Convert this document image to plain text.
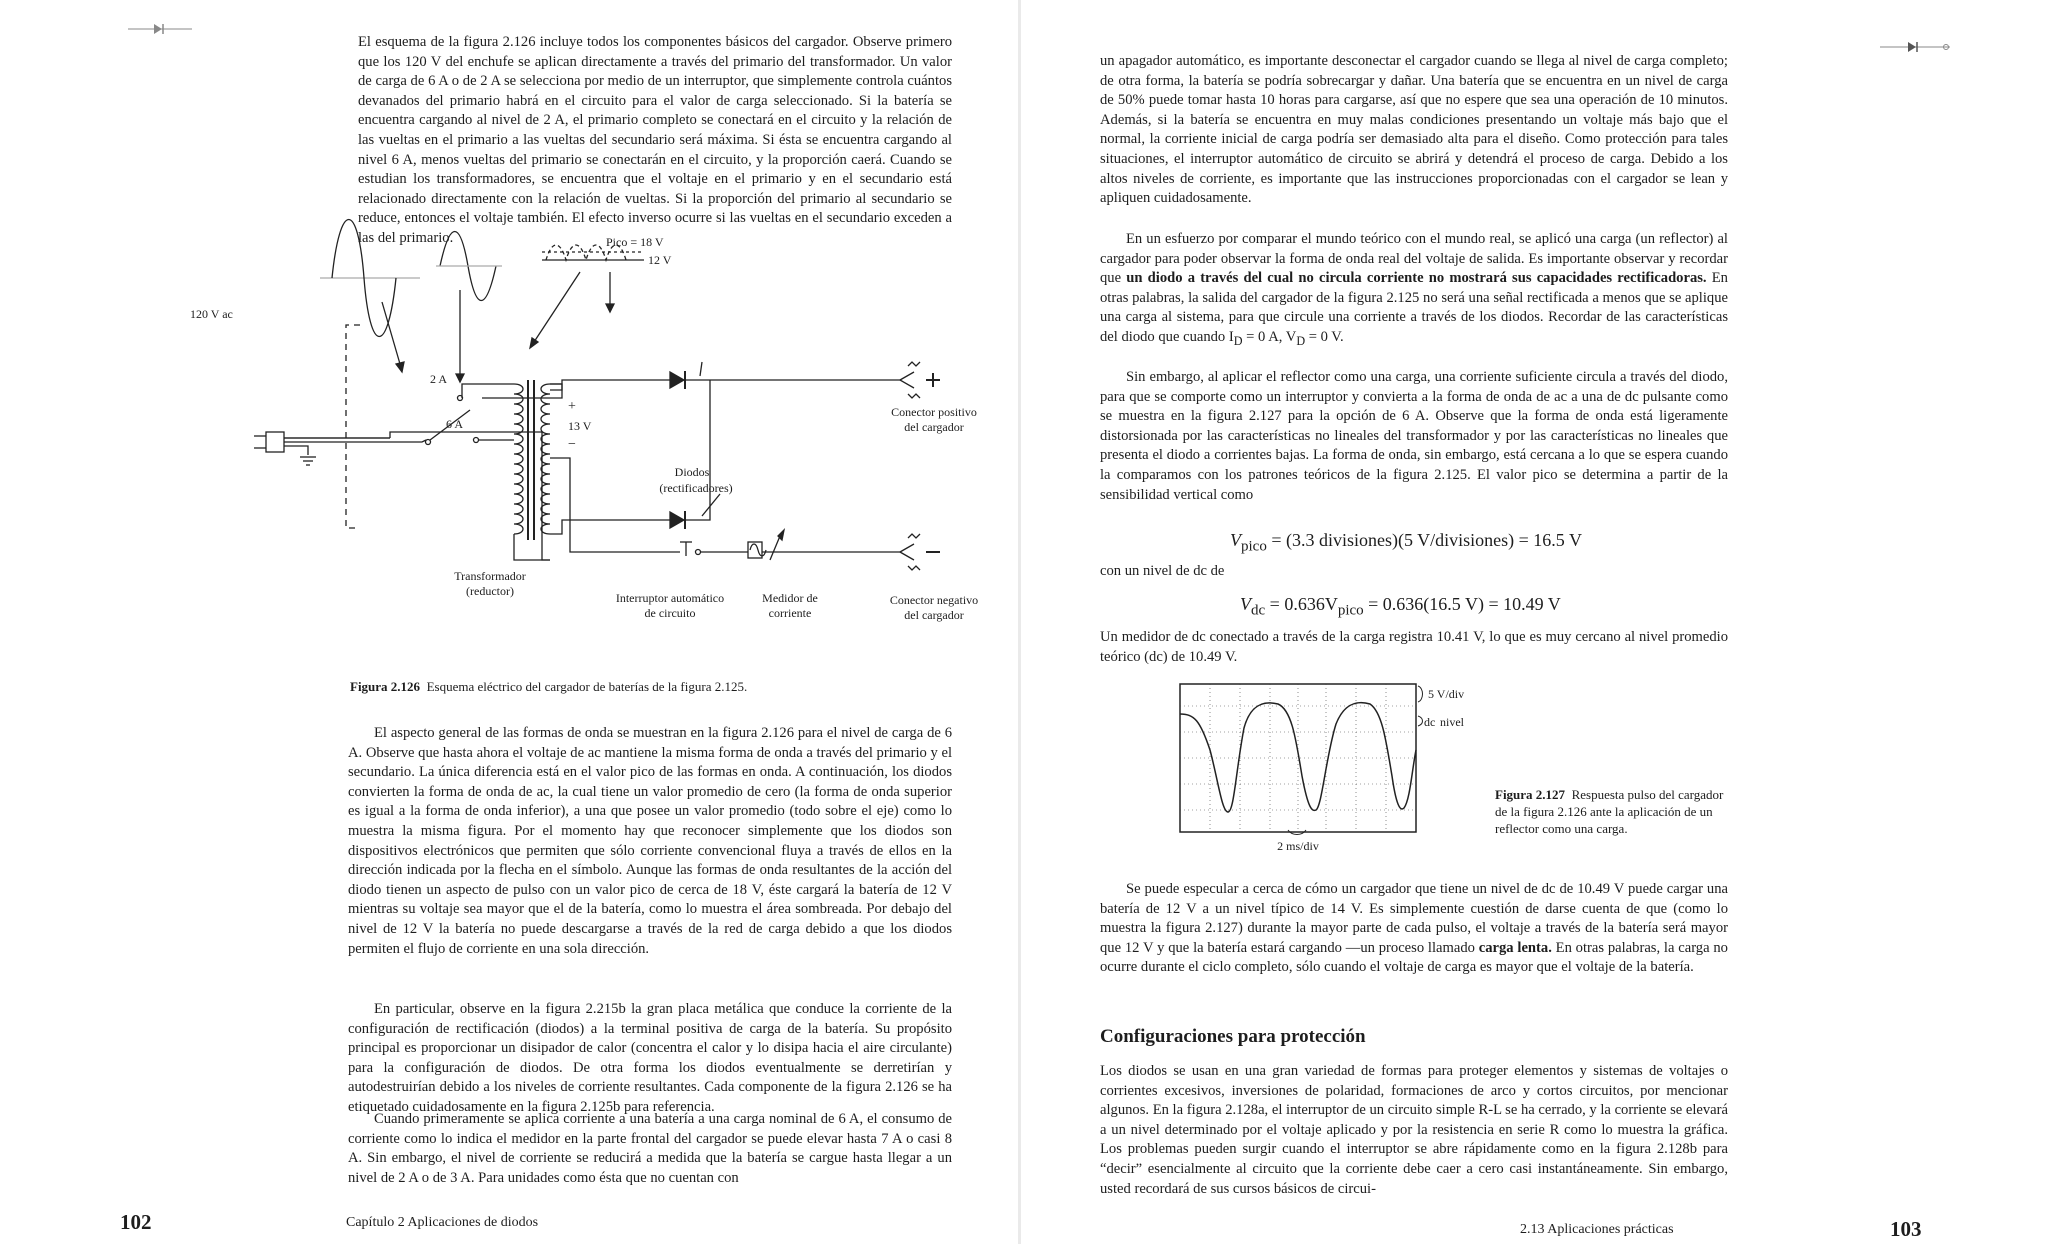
El esquema de la figura 2.126 incluye todos los componentes básicos del cargador. Observe primero que los 120 V del enchufe se aplican directamente a través del primario del transformador. Un valor de carga de 6 A o de 2 A se selecciona por medio de un interruptor, que simplemente controla cuántos devanados del primario habrá en el circuito para el valor de carga seleccionado. Si la batería se encuentra cargando al nivel de 2 A, el primario completo se conectará en el circuito y la relación de las vueltas en el primario a las vueltas del secundario será máxima. Si ésta se encuentra cargando al nivel 6 A, menos vueltas del primario se conectarán en el circuito, y la proporción caerá. Cuando se estudian los transformadores, se encuentra que el voltaje en el primario y en el secundario está relacionado directamente con la relación de vueltas. Si la proporción del primario al secundario se reduce, entonces el voltaje también. El efecto inverso ocurre si las vueltas en el secundario exceden a las del primario.

120 V ac
2 A
6 A
+
13 V
−
Pico = 18 V
12 V
Diodos
(rectificadores)
Transformador
(reductor)	Interruptor automático
de circuito
Medidor de
corriente
Conector positivo
del cargador
Conector negativo
del cargador
Figura 2.126 Esquema eléctrico del cargador de baterías de la figura 2.125.

El aspecto general de las formas de onda se muestran en la figura 2.126 para el nivel de carga de 6 A. Observe que hasta ahora el voltaje de ac mantiene la misma forma de onda a través del primario y el secundario. La única diferencia está en el valor pico de las formas en onda. A continuación, los diodos convierten la forma de onda de ac, la cual tiene un valor promedio de cero (la forma de onda superior es igual a la forma de onda inferior), a una que posee un valor promedio (todo sobre el eje) como lo muestra la misma figura. Por el momento hay que reconocer simplemente que los diodos son dispositivos electrónicos que permiten que sólo corriente convencional fluya a través de ellos en la dirección indicada por la flecha en el símbolo. Aunque las formas de onda resultantes de la acción del diodo tienen un aspecto de pulso con un valor pico de cerca de 18 V, éste cargará la batería de 12 V mientras su voltaje sea mayor que el de la batería, como lo muestra el área sombreada. Por debajo del nivel de 12 V la batería no puede descargarse a través de la red de carga debido a que los diodos permiten el flujo de corriente en una sola dirección.

En particular, observe en la figura 2.215b la gran placa metálica que conduce la corriente de la configuración de rectificación (diodos) a la terminal positiva de carga de la batería. Su propósito principal es proporcionar un disipador de calor (concentra el calor y lo disipa hacia el aire circulante) para la configuración de diodos. De otra forma los diodos eventualmente se derretirían y autodestruirían debido a los niveles de corriente resultantes. Cada componente de la figura 2.126 se ha etiquetado cuidadosamente en la figura 2.125b para referencia.

Cuando primeramente se aplica corriente a una batería a una carga nominal de 6 A, el consumo de corriente como lo indica el medidor en la parte frontal del cargador se puede elevar hasta 7 A o casi 8 A. Sin embargo, el nivel de corriente se reducirá a medida que la batería se cargue hasta llegar a un nivel de 2 A o de 3 A. Para unidades como ésta que no cuentan con

102	Capítulo 2 Aplicaciones de diodos

un apagador automático, es importante desconectar el cargador cuando se llega al nivel de carga completo; de otra forma, la batería se podría sobrecargar y dañar. Una batería que se encuentra en un nivel de carga de 50% puede tomar hasta 10 horas para cargarse, así que no espere que sea una operación de 10 minutos. Además, si la batería se encuentra en muy malas condiciones presentando un voltaje más bajo que el normal, la corriente inicial de carga podría ser demasiado alta para el diseño. Como protección para tales situaciones, el interruptor automático de circuito se abrirá y detendrá el proceso de carga. Debido a los altos niveles de corriente, es importante que las instrucciones proporcionadas con el cargador se lean y apliquen cuidadosamente.

En un esfuerzo por comparar el mundo teórico con el mundo real, se aplicó una carga (un reflector) al cargador para poder observar la forma de onda real del voltaje de salida. Es importante observar y recordar que un diodo a través del cual no circula corriente no mostrará sus capacidades rectificadoras. En otras palabras, la salida del cargador de la figura 2.125 no será una señal rectificada a menos que se aplique una carga al sistema, para que circule una corriente a través de los diodos. Recordar de las características del diodo que cuando $I_D = 0$ A, $V_D = 0$ V.

Sin embargo, al aplicar el reflector como una carga, una corriente suficiente circula a través del diodo, para que se comporte como un interruptor y convierta a la forma de onda de ac a una de dc pulsante como se muestra en la figura 2.127 para la opción de 6 A. Observe que la forma de onda está ligeramente distorsionada por las características no lineales del transformador y por las características no lineales que presenta el diodo a corrientes bajas. La forma de onda, sin embargo, está cercana a lo que se espera cuando la comparamos con los patrones teóricos de la figura 2.125. El valor pico se determina a partir de la sensibilidad vertical como

$V_{pico} = (3.3$ divisiones)(5 V/divisiones) = 16.5 V

con un nivel de dc de

$V_{dc} = 0.636V_{pico} = 0.636(16.5$ V) = 10.49 V

Un medidor de dc conectado a través de la carga registra 10.41 V, lo que es muy cercano al nivel promedio teórico (dc) de 10.49 V.

5 V/div
dc nivel
2 ms/div
Figura 2.127 Respuesta pulso del cargador de la figura 2.126 ante la aplicación de un reflector como una carga.

Se puede especular a cerca de cómo un cargador que tiene un nivel de dc de 10.49 V puede cargar una batería de 12 V a un nivel típico de 14 V. Es simplemente cuestión de darse cuenta de que (como lo muestra la figura 2.127) durante la mayor parte de cada pulso, el voltaje a través de la batería será mayor que 12 V y que la batería estará cargando —un proceso llamado carga lenta. En otras palabras, la carga no ocurre durante el ciclo completo, sólo cuando el voltaje de carga es mayor que el voltaje de la batería.

Configuraciones para protección

Los diodos se usan en una gran variedad de formas para proteger elementos y sistemas de voltajes o corrientes excesivos, inversiones de polaridad, formaciones de arco y cortos circuitos, por mencionar algunos. En la figura 2.128a, el interruptor de un circuito simple R-L se ha cerrado, y la corriente se elevará a un nivel determinado por el voltaje aplicado y por la resistencia en serie R como lo muestra la gráfica. Los problemas pueden surgir cuando el interruptor se abre rápidamente como en la figura 2.128b para “decir” esencialmente al circuito que la corriente debe caer a cero casi instantáneamente. Sin embargo, usted recordará de sus cursos básicos de circui-

2.13 Aplicaciones prácticas	103
